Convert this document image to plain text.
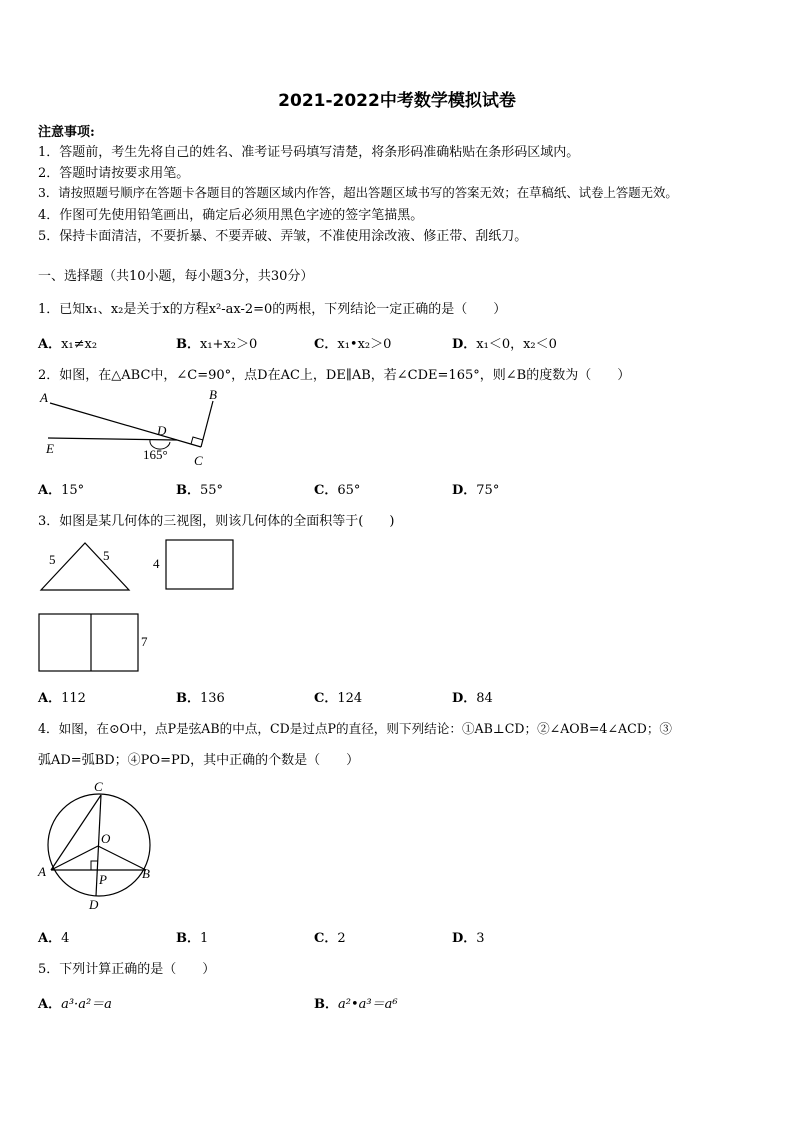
2021-2022中考数学模拟试卷
注意事项:
1．答题前，考生先将自己的姓名、准考证号码填写清楚，将条形码准确粘贴在条形码区域内。
2．答题时请按要求用笔。
3．请按照题号顺序在答题卡各题目的答题区域内作答，超出答题区域书写的答案无效；在草稿纸、试卷上答题无效。
4．作图可先使用铅笔画出，确定后必须用黑色字迹的签字笔描黑。
5．保持卡面清洁，不要折暴、不要弄破、弄皱，不准使用涂改液、修正带、刮纸刀。
一、选择题（共10小题，每小题3分，共30分）
1．已知x₁、x₂是关于x的方程x²-ax-2=0的两根，下列结论一定正确的是（　　）
A．x₁≠x₂	B．x₁+x₂＞0	C．x₁•x₂＞0	D．x₁＜0，x₂＜0
2．如图，在△ABC中，∠C=90°，点D在AC上，DE∥AB，若∠CDE=165°，则∠B的度数为（　　）
A	B
C
D
E	165°
A．15°	B．55°	C．65°	D．75°
3．如图是某几何体的三视图，则该几何体的全面积等于(　　)
5	5
4
7
A．112	B．136	C．124	D．84
4．如图，在⊙O中，点P是弦AB的中点，CD是过点P的直径，则下列结论：①AB⊥CD；②∠AOB=4∠ACD；③
弧AD=弧BD；④PO=PD，其中正确的个数是（　　）
C
O
A	B
P
D
A．4	B．1	C．2	D．3
5．下列计算正确的是（　　）
A．a³·a²＝a	B．a²•a³＝a⁶
